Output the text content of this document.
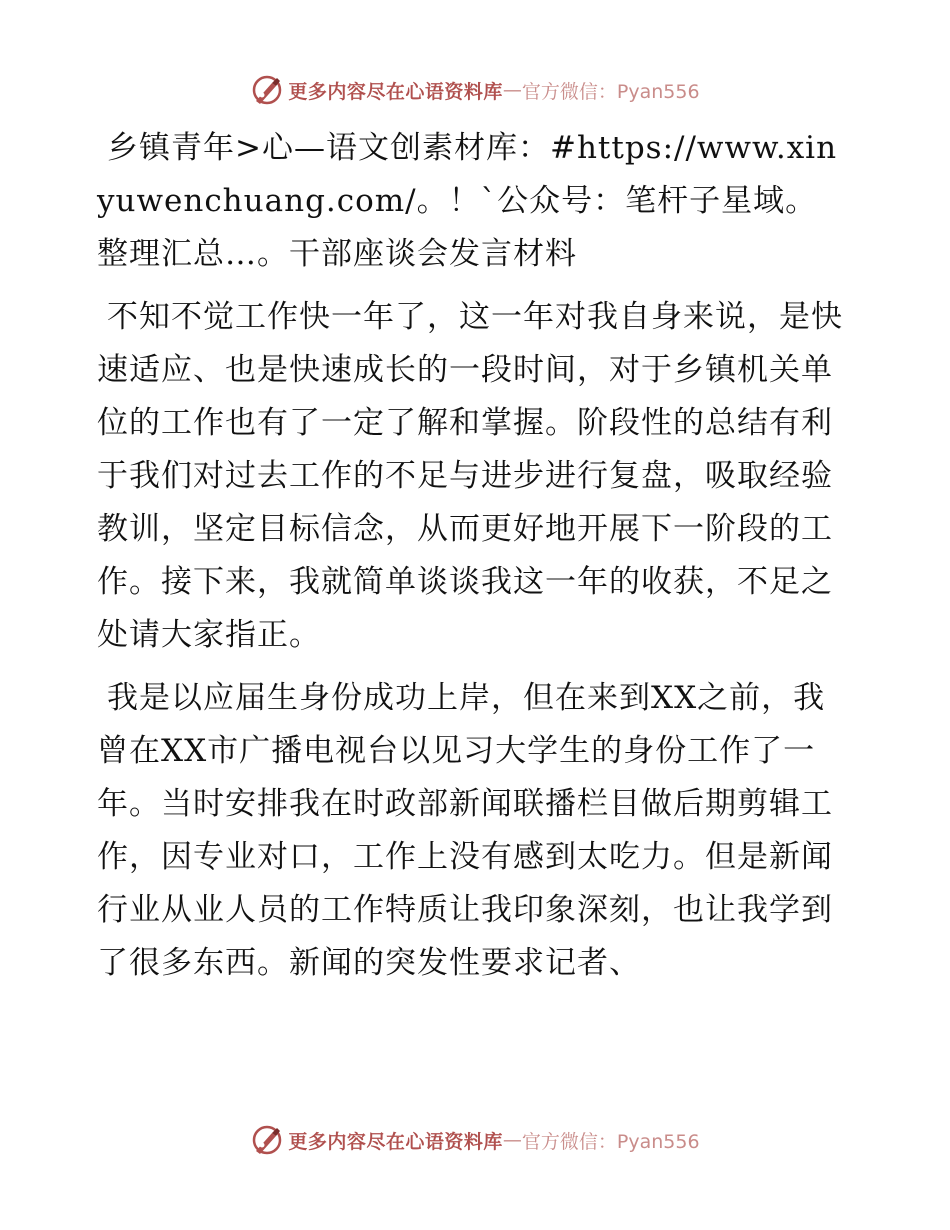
更多内容尽在心语资料库 — 官方微信：Pyan556

乡镇青年>心—语文创素材库：#https://www.xinyuwenchuang.com/。！`公众号：笔杆子星域。整理汇总…。干部座谈会发言材料

不知不觉工作快一年了，这一年对我自身来说，是快速适应、也是快速成长的一段时间，对于乡镇机关单位的工作也有了一定了解和掌握。阶段性的总结有利于我们对过去工作的不足与进步进行复盘，吸取经验教训，坚定目标信念，从而更好地开展下一阶段的工作。接下来，我就简单谈谈我这一年的收获，不足之处请大家指正。

我是以应届生身份成功上岸，但在来到XX之前，我曾在XX市广播电视台以见习大学生的身份工作了一年。当时安排我在时政部新闻联播栏目做后期剪辑工作，因专业对口，工作上没有感到太吃力。但是新闻行业从业人员的工作特质让我印象深刻，也让我学到了很多东西。新闻的突发性要求记者、

更多内容尽在心语资料库 — 官方微信：Pyan556
